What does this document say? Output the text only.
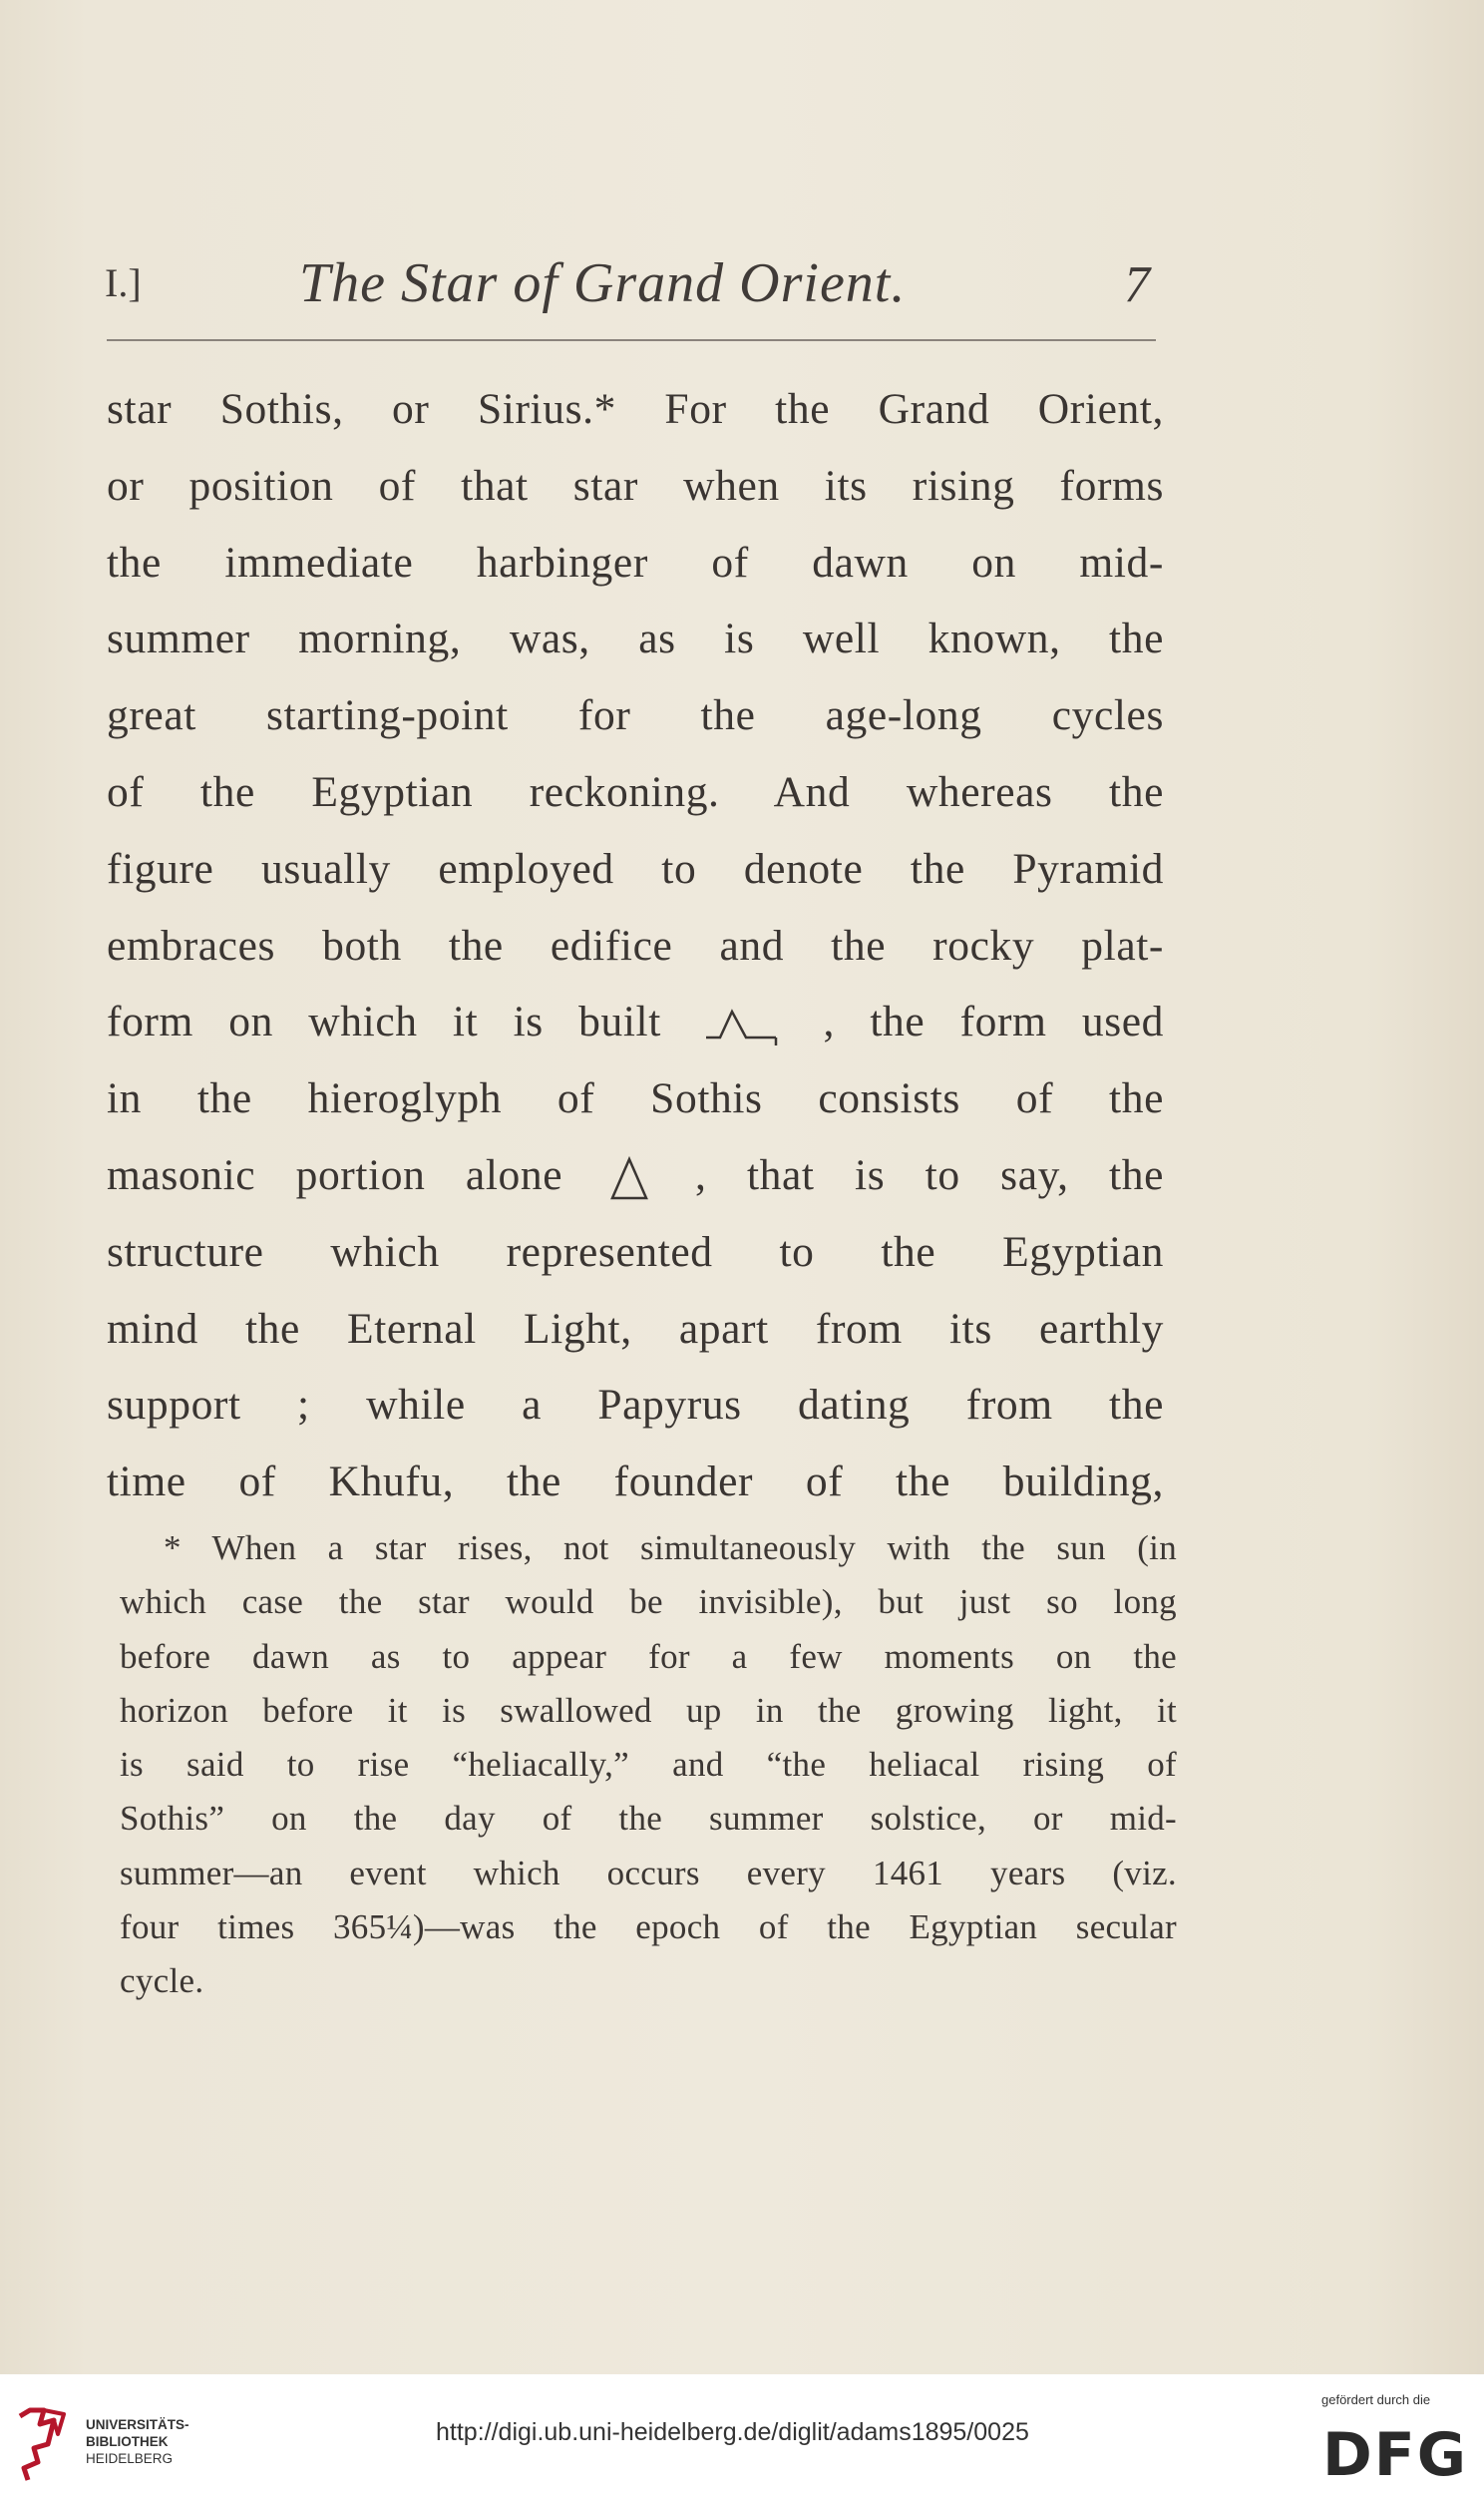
I.]	The Star of Grand Orient.	7
star Sothis, or Sirius.* For the Grand Orient,
or position of that star when its rising forms
the immediate harbinger of dawn on mid-
summer morning, was, as is well known, the
great starting-point for the age-long cycles
of the Egyptian reckoning. And whereas the
figure usually employed to denote the Pyramid
embraces both the edifice and the rocky plat-
form on which it is built	, the form used
in the hieroglyph of Sothis consists of the
masonic portion alone	, that is to say, the
structure which represented to the Egyptian
mind the Eternal Light, apart from its earthly
support ; while a Papyrus dating from the
time of Khufu, the founder of the building,
* When a star rises, not simultaneously with the sun (in
which case the star would be invisible), but just so long
before dawn as to appear for a few moments on the
horizon before it is swallowed up in the growing light, it
is said to rise “heliacally,” and “the heliacal rising of
Sothis” on the day of the summer solstice, or mid-
summer—an event which occurs every 1461 years (viz.
four times 365¼)—was the epoch of the Egyptian secular
cycle.
UNIVERSITÄTS-
BIBLIOTHEK
HEIDELBERG
http://digi.ub.uni-heidelberg.de/diglit/adams1895/0025
gefördert durch die
DFG
